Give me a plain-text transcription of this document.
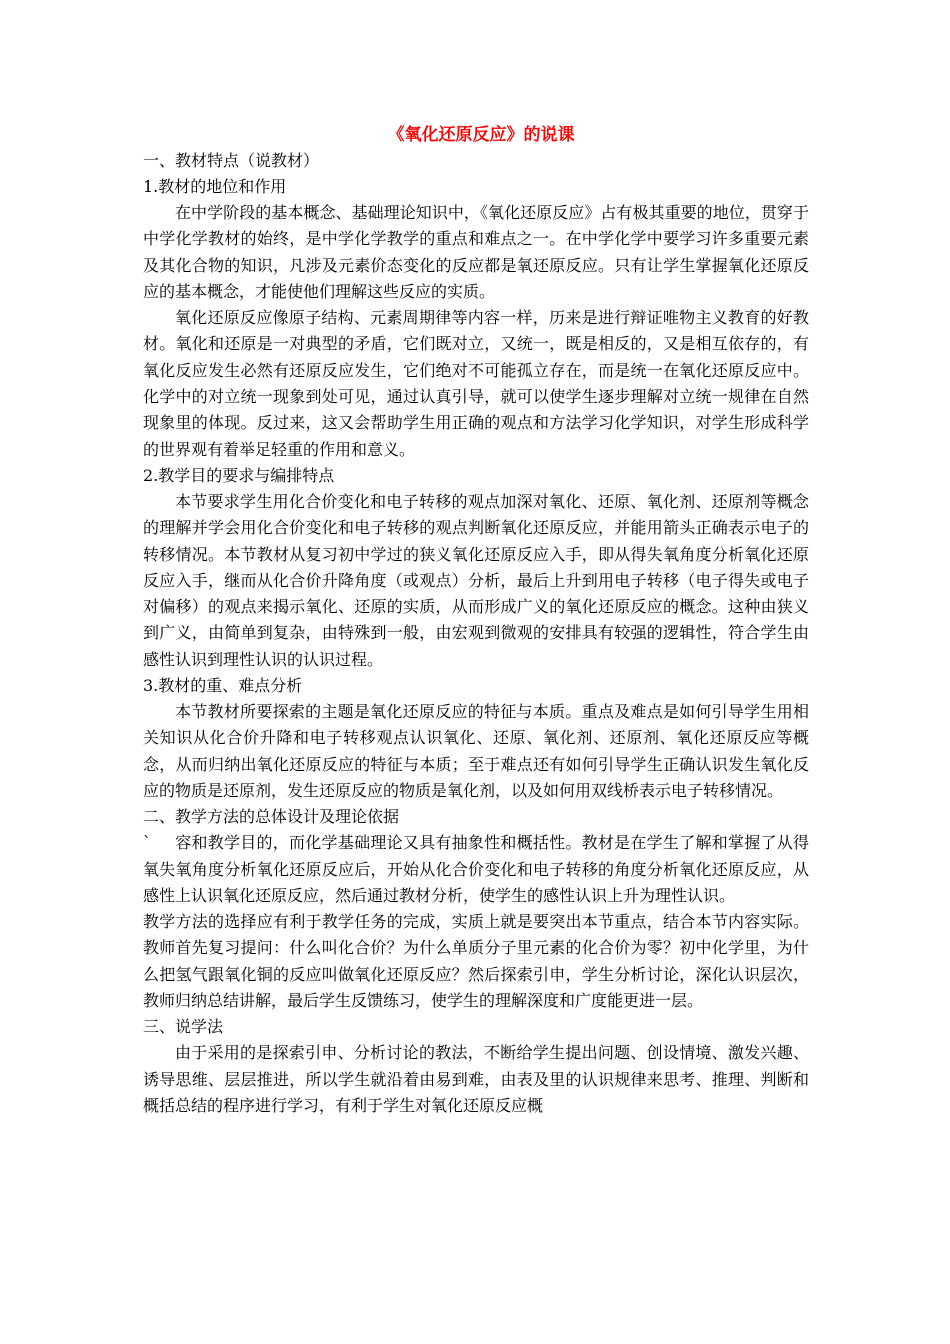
《氧化还原反应》的说课
一、教材特点（说教材）
1.教材的地位和作用

在中学阶段的基本概念、基础理论知识中，《氧化还原反应》占有极其重要的地位，贯穿于中学化学教材的始终，是中学化学教学的重点和难点之一。在中学化学中要学习许多重要元素及其化合物的知识，凡涉及元素价态变化的反应都是氧还原反应。只有让学生掌握氧化还原反应的基本概念，才能使他们理解这些反应的实质。

氧化还原反应像原子结构、元素周期律等内容一样，历来是进行辩证唯物主义教育的好教材。氧化和还原是一对典型的矛盾，它们既对立，又统一，既是相反的，又是相互依存的，有氧化反应发生必然有还原反应发生，它们绝对不可能孤立存在，而是统一在氧化还原反应中。化学中的对立统一现象到处可见，通过认真引导，就可以使学生逐步理解对立统一规律在自然现象里的体现。反过来，这又会帮助学生用正确的观点和方法学习化学知识，对学生形成科学的世界观有着举足轻重的作用和意义。

2.教学目的要求与编排特点

本节要求学生用化合价变化和电子转移的观点加深对氧化、还原、氧化剂、还原剂等概念的理解并学会用化合价变化和电子转移的观点判断氧化还原反应，并能用箭头正确表示电子的转移情况。本节教材从复习初中学过的狭义氧化还原反应入手，即从得失氧角度分析氧化还原反应入手，继而从化合价升降角度（或观点）分析，最后上升到用电子转移（电子得失或电子对偏移）的观点来揭示氧化、还原的实质，从而形成广义的氧化还原反应的概念。这种由狭义到广义，由简单到复杂，由特殊到一般，由宏观到微观的安排具有较强的逻辑性，符合学生由感性认识到理性认识的认识过程。

3.教材的重、难点分析

本节教材所要探索的主题是氧化还原反应的特征与本质。重点及难点是如何引导学生用相关知识从化合价升降和电子转移观点认识氧化、还原、氧化剂、还原剂、氧化还原反应等概念，从而归纳出氧化还原反应的特征与本质；至于难点还有如何引导学生正确认识发生氧化反应的物质是还原剂，发生还原反应的物质是氧化剂，以及如何用双线桥表示电子转移情况。

二、教学方法的总体设计及理论依据

` 容和教学目的，而化学基础理论又具有抽象性和概括性。教材是在学生了解和掌握了从得氧失氧角度分析氧化还原反应后，开始从化合价变化和电子转移的角度分析氧化还原反应，从感性上认识氧化还原反应，然后通过教材分析，使学生的感性认识上升为理性认识。

教学方法的选择应有利于教学任务的完成，实质上就是要突出本节重点，结合本节内容实际。教师首先复习提问：什么叫化合价？为什么单质分子里元素的化合价为零？初中化学里，为什么把氢气跟氧化铜的反应叫做氧化还原反应？然后探索引申，学生分析讨论，深化认识层次，教师归纳总结讲解，最后学生反馈练习，使学生的理解深度和广度能更进一层。

三、说学法

由于采用的是探索引申、分析讨论的教法，不断给学生提出问题、创设情境、激发兴趣、诱导思维、层层推进，所以学生就沿着由易到难，由表及里的认识规律来思考、推理、判断和概括总结的程序进行学习，有利于学生对氧化还原反应概
